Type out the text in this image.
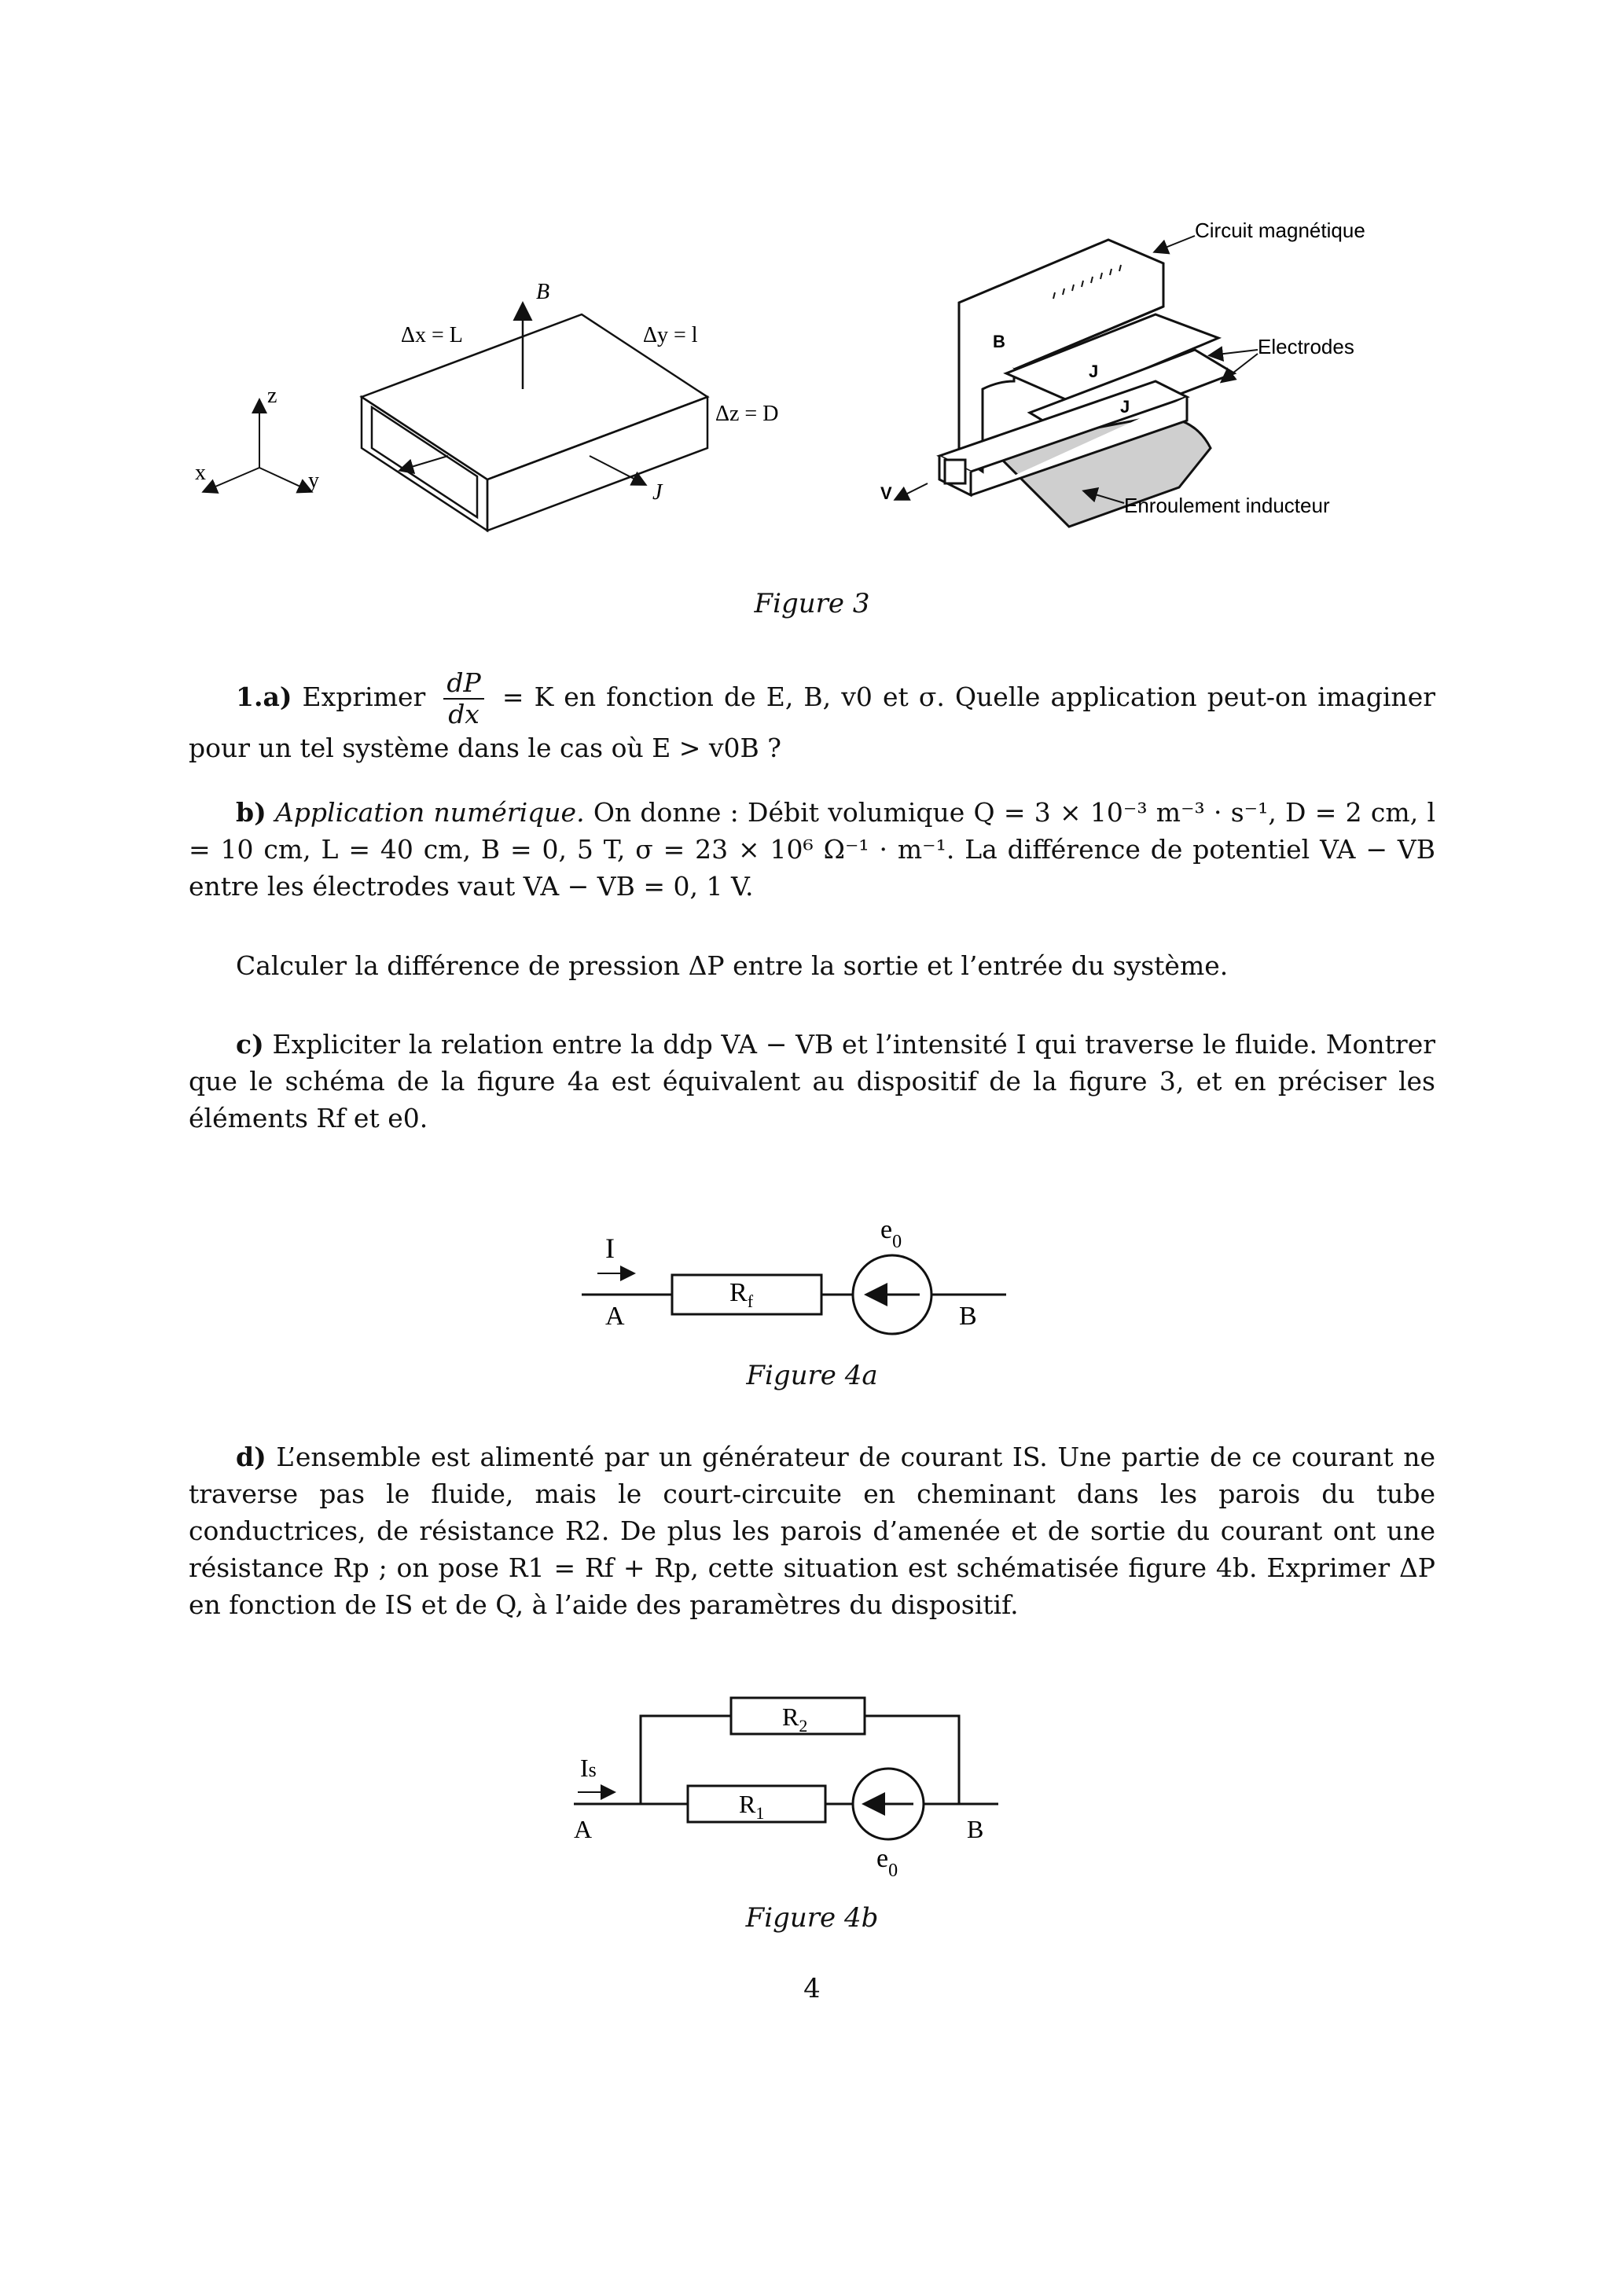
z
x	y
B
J
Δx = L	Δy = l
Δz = D
Circuit magnétique
Electrodes
Enroulement inducteur
V
B
J
J
Figure 3
1.a) Exprimer $\frac{dP}{dx} = K$ en fonction de E, B, v0 et σ. Quelle application peut-on imaginer pour un tel système dans le cas où E > v0B ?
b) Application numérique. On donne : Débit volumique Q = 3 × 10⁻³ m⁻³ · s⁻¹, D = 2 cm, l = 10 cm, L = 40 cm, B = 0, 5 T, σ = 23 × 10⁶ Ω⁻¹ · m⁻¹. La différence de potentiel VA − VB entre les électrodes vaut VA − VB = 0, 1 V.
Calculer la différence de pression ΔP entre la sortie et l’entrée du système.
c) Expliciter la relation entre la ddp VA − VB et l’intensité I qui traverse le fluide. Montrer que le schéma de la figure 4a est équivalent au dispositif de la figure 3, et en préciser les éléments Rf et e0.
I
A	B
$R_f$
$e_0$
Figure 4a
d) L’ensemble est alimenté par un générateur de courant IS. Une partie de ce courant ne traverse pas le fluide, mais le court-circuite en cheminant dans les parois du tube conductrices, de résistance R2. De plus les parois d’amenée et de sortie du courant ont une résistance Rp ; on pose R1 = Rf + Rp, cette situation est schématisée figure 4b. Exprimer ΔP en fonction de IS et de Q, à l’aide des paramètres du dispositif.
Is
A	B
$R_2$
$R_1$
$e_0$
Figure 4b
4
